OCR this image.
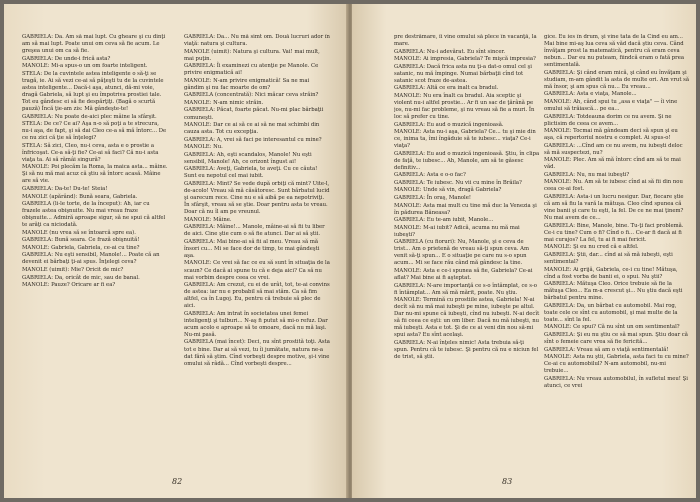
GABRIELA: Da. Am să mai lupt. Cu gheare şi cu dinţi am să mai lupt. Poate unui om ceva să fie acum. Le greşea unui om ca să fie.

GABRIELA: De unde-i frică asta?

MANOLE: Mi-a spus-o un om foarte inteligent.

STELA: De la cuvintele astea inteligente o să-ţi se tragă, ie. Ai să vezi ce-ai să păţeşti tu de la cuvintele astea inteligente... Dacă-i aşa, atunci, dă-mi voie, dragă Gabriela, să lupt şi eu împotriva prostiei tale. Tot eu gândesc ei să fie despărţiţi. (Bagă o scurtă pauză) Încă ţie-am zis: Mă gândeşte-te!

GABRIELA: Nu poate de-aici plec mâine la sfârşit.

STELA: De ce? Ce ai? Aşa n-o să poţi a te strecura, nu-i aşa, de fapt, şi să dai Cleo ce-a să mă întorc... De ce nu zici că ţie să înţelegi?

STELA: Să zici, Cleo, nu-i ceva, asta e o prostie a înfricoşat. Ce-a să-ţi fie? Ce-ai să faci? Că nu-i asta viaţa ta. Ai să rămâi singură?

MANOLE: Poi plecăm la Roma, la maica asta... mâine. Şi să nu mă mai acuz că ştiu să întorc acasă. Mâine are să vie.

GABRIELA: Da-te! Du-te! Steia!

MANOLE (apărând): Bună seara, Gabriela.

GABRIELA (li-le torte, de la început): Ah, iar cu frazele astea obişnuite. Nu mai vreau fraze obişnuite... Admiră aproape sigur, să ne spui că altfel te arăţi ca niciodată.

MANOLE (nu vrea să se întoarcă spre ea).

GABRIELA: Bună seara. Ce frază obişnuită!

MANOLE: Gabriela, Gabriela, ce-ai cu tine?

GABRIELA: Nu eşti sensibil, Manole!... Poate că an devenit ei bărbaţi ţi-ai spus. Înţelegi ceva?

MANOLE (uimit): Mie? Oricit de mic?

GABRIELA: Da, oricât de mic, sau de banal.

MANOLE: Pauze? Oricare ar fi ea?

GABRIELA: Da... Nu mă simt om. Două lucruri ador în viaţă: natura şi cultura.

MANOLE (uimit): Natura şi cultura. Vai! mai mult, mai puţin.

GABRIELA: Îi examinezi cu atenţie pe Manole. Ce privire enigmatică ai!

MANOLE: N-am privire enigmatică! Sa ne mai gândim şi nu fac moarte de om?

GABRIELA (concentrată): Nici măcar ceva străin?

MANOLE: N-am nimic străin.

GABRIELA: Păcat, foarte păcat. Nu-mi plac bărbaţii comuneşti.

MANOLE: Dar ce ai să ce ai să ne mai schimbi din cauza asta. Tot cu excepţia.

GABRIELA: A, vrei să faci pe interesantul cu mine?

MANOLE: Nu.

GABRIELA: Ah, eşti scandalos, Manole! Nu eşti sensibil, Manole! Ah, ce orizont îngust ai!

GABRIELA: Aveţi, Gabriela, te aveţi. Cu ce căuta! Sunt eu nepotul cel mai iubit.

GABRIELA: Mint? Se vede după orbiţi că mint? Uite-l, de-acolo! Vreau să mă căsătoresc. Sunt bărbatul lucid şi oarecum rece. Cine nu e să aibă pe ea nepotriviţi. În sfârşit, vreau să se ştie. Doar pentru asta te vreau. Doar că nu îl am pe vreunul.

MANOLE: Mâine.

GABRIELA: Mâine!... Manole, mâine-ai să fii tu liber de aici. Cine ştie cum o să fie atunci. Dar ai să ştii.

GABRIELA: Mai bine-ai să fii al meu. Vreau să mă însori cu... Mi se face dor de timp, te mai gândeşti aşa.

MANOLE: Ce vrei să fac ce eu să sunt în situaţia de la scaun? Ce dacă ai spune tu că e deja aici? Ca să nu mai vorbim despre ceea ce vrei.

GABRIELA: Am crezut, cu ei de urât, tot, te-ai convins de astea: iar nu e probabil să mai stăm. Ca să fim altfel, ca în Lugoj. Eu, pentru că trebuie să plec de aici.

GABRIELA: Am intrat în societatea unei femei inteligenţi şi tulburi... N-aş fi putut să mi-o refuz. Dar acum acolo e aproape să te omoare, dacă nu mă laşi. Nu-mi pasă.

GABRIELA (mai încet): Deci, nu sînt prostită toţi. Asta tot e bine. Dar ai să vezi, tu îi jumătate, natura ne-a dat fără să ştim. Cînd vorbeşti despre motive, şi-i vine omului să râdă... Cînd vorbeşti despre...

82

pre destrămare, îi vine omului să plece în vacanţă, la mare.

GABRIELA: Nu-i adevărat. Eu sînt sincer.

MANOLE: Ai impresia, Gabriela? Te mişcă impresia?

GABRIELA: Dacă frica asta nu ţi-a dat-o omul cel şi satanic, nu mă împinge. Numai bărbaţii cînd tot satanic scot fraze de-astea.

GABRIELA: Altă ce era inalt ca bradul.

MANOLE: Nu era înalt ca bradul. Aia sceptic şi violent nu-i altfel prostie... Ar fi un sac de ţărână pe jos, nu-mi fac probleme, şi nu vreau să fie a muri. În loc să prefer cu tine.

GABRIELA: Eu aud o muzică ingenioasă.

MANOLE: Asta nu-i aşa, Gabriela? Ce... tu şi mie din ce, inima ta, îmi îngăduie să te iubesc... viaţa? Ce-i viaţa?

GABRIELA: Eu aud o muzică ingenioasă. Ştiu, în clipa de faţă, te iubesc... Ah, Manole, am să te găsesc definitiv...

GABRIELA: Asta e o-o fac?

GABRIELA: Te iubesc. Nu vii cu mine în Brăila?

MANOLE: Unde să vin, dragă Gabriela?

GABRIELA: În oraş, Manole!

MANOLE: Asta mai mult cu tine mă duc la Venezia şi în pădurea Băneasa?

GABRIELA: Eu te-am iubit, Manole...

MANOLE: M-ai iubit? Adică, acuma nu mă mai iubeşti?

GABRIELA (cu fioruri): Nu, Manole, şi e ceva de trist... Am o prietenă de vreau să-ţi spun ceva. Am venit să-ţi spun... E o situaţie pe care nu s-o spun acum... Mi se face rău când mă gândesc la tine.

MANOLE: Asta e ce-i spunea să fie, Gabriela? Ce-ai aflat? Mai bine ai fi aşteptat.

GABRIELA: N-are importanţă ce s-o întâmplat, ce s-o fi întâmplat... Am să mă mărit, poate. Nu ştiu.

MANOLE: Termină cu prostiile astea, Gabriela! N-ai decît să nu mă mai iubeşti pe mine, iubeşte pe altul. Dar nu-mi spune că iubeşti, cînd nu iubeşti. N-ai decît să fii ceea ce eşti: un om liber. Dacă nu mă iubeşti, nu mă iubeşti. Asta e tot. Şi de ce ai veni din nou să-mi spui asta? Eu sînt acelaşi.

GABRIELA: N-ai înţeles nimic! Asta trebuia să-ţi spun. Pentru că te iubesc. Şi pentru că nu e niciun fel de trist, să ştii.

gice. Eu ies în drum, şi vine tata de la Cind eu am... Mai bine mi-aş lua ceva să văd dacă ştiu ceva. Când învăţam prost la matematică, pentru că eram ceva nebun... Dar eu nu puteam, fiindcă eram o fată prea sentimentală.

GABRIELA: Şi când eram mică, şi când eu învăţam şi studiam, m-am gândit la asta de multe ori. Am vrut să mă însor, şi am spus că nu... Eu vreau...

GABRIELA: Asta e viaţa, Manole...

MANOLE: Ah, când spui tu „asa e viaţa" — îi vine omului să trăiască... pe ea...

GABRIELA: Totdeauna dorim ce nu avem. Şi ne plictisim de ceea ce avem...

MANOLE: Tocmai mă gândeam deci să spun şi eu aşa, că repertoriul nostru e complet. Ai spus-o!

GABRIELA: ...Cînd am ce nu avem, nu iubeşti deloc să mă suspectezi, nu?

MANOLE: Plec. Am să mă întorc cînd am să te mai văd.

GABRIELA: Nu, nu mai iubeşti?

MANOLE: Nu. Am să te iubesc cînd ai să fii din nou ceea ce-ai fost.

GABRIELA: Asta-i un lucru nesigur. Dar, fiecare ştie că am să fiu la vară la mătuşa. Cleo cînd spunea că vine banii şi care tu eşti, la fel. De ce ne mai ţinem? Nu mai avem de ce...

GABRIELA: Bine, Manole, bine. Tu-ţi faci problemă. Ce-i cu tine? Cum o fi? Cînd o fi... Ce-ar fi dacă ai fi mai curajos? La fel, tu ai fi mai fericit.

MANOLE: Şi eu nu cred că e altfel.

GABRIELA: Ştii, dar... cînd ai să mă iubeşti, eşti sentimental?

MANOLE: Ai grijă, Gabriela, ce-i cu tine! Mătuşa, cînd a fost vorba de banii ei, o spui. Nu ştii?

GABRIELA: Mătuşa Cleo. Orice trebuie să fie la mătuşa Cleo... Ea m-a crescut şi... Nu ştiu dacă eşti bărbatul pentru mine.

GABRIELA: Da, un bărbat cu automobil. Mai rog, toate cele ce sînt cu automobil, şi mai multe de la toate... sînt la fel.

MANOLE: Ce spui? Că nu sînt un om sentimental?

GABRIELA: Şi eu nu ştiu ce să mai spun. Ştiu doar că sînt o femeie care vrea să fie fericită...

GABRIELA: Vreau să am o viaţă sentimentală!

MANOLE: Asta nu ştii, Gabriela, asta faci tu cu mine? Ce-ai cu automobilul? N-am automobil, nu-mi trebuie...

GABRIELA: Nu vreau automobilul, în sufletul meu! Şi atunci, ce vrei

83
